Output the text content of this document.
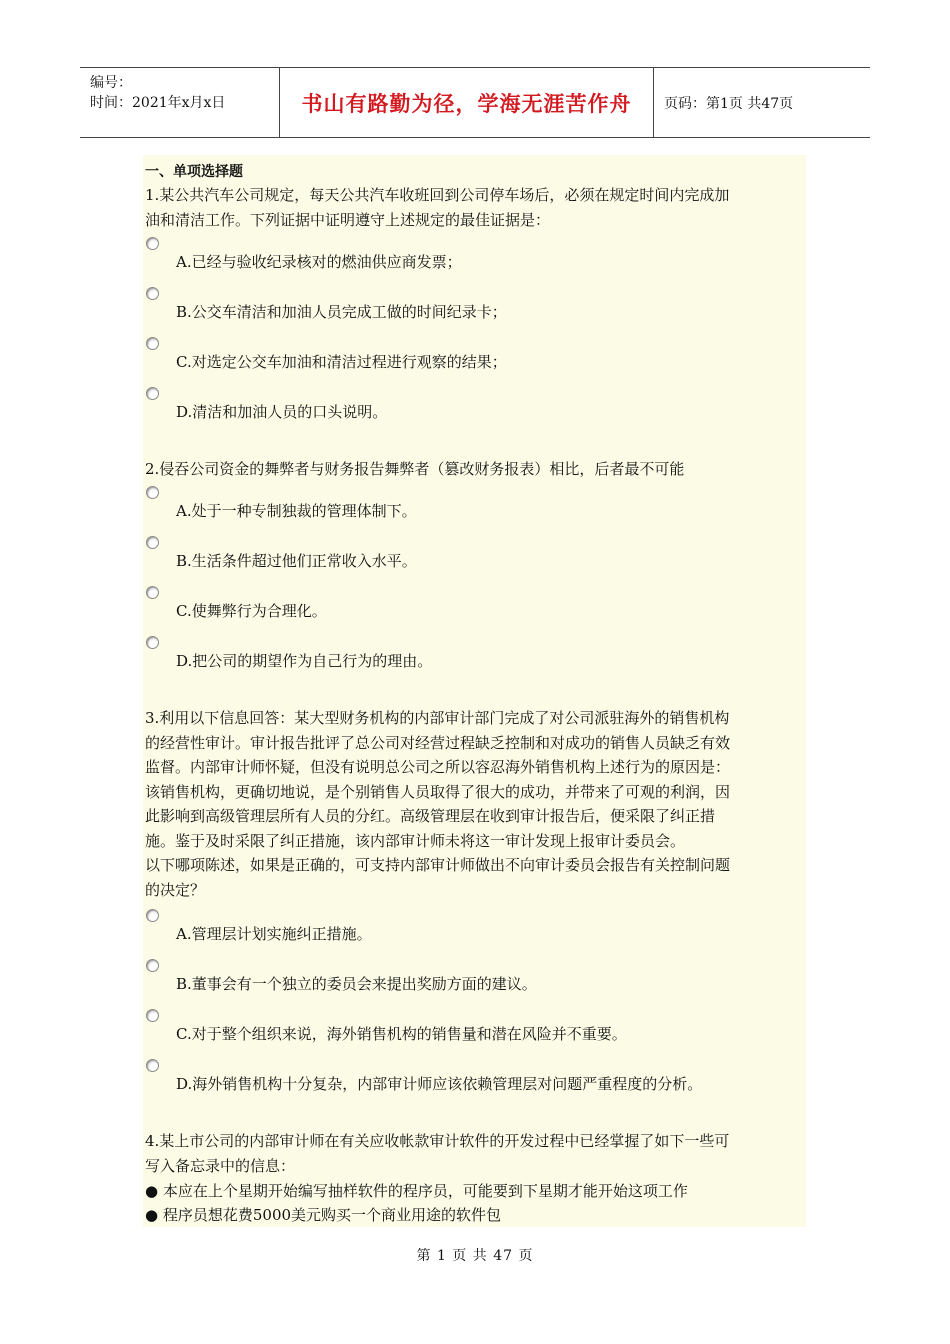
编号：
时间：2021年x月x日	书山有路勤为径，学海无涯苦作舟 页码：第1页 共47页
一、单项选择题
1.某公共汽车公司规定，每天公共汽车收班回到公司停车场后，必须在规定时间内完成加
油和清洁工作。下列证据中证明遵守上述规定的最佳证据是：
A.已经与验收纪录核对的燃油供应商发票；
B.公交车清洁和加油人员完成工做的时间纪录卡；
C.对选定公交车加油和清洁过程进行观察的结果；
D.清洁和加油人员的口头说明。
2.侵吞公司资金的舞弊者与财务报告舞弊者（篡改财务报表）相比，后者最不可能
A.处于一种专制独裁的管理体制下。
B.生活条件超过他们正常收入水平。
C.使舞弊行为合理化。
D.把公司的期望作为自己行为的理由。
3.利用以下信息回答：某大型财务机构的内部审计部门完成了对公司派驻海外的销售机构
的经营性审计。审计报告批评了总公司对经营过程缺乏控制和对成功的销售人员缺乏有效
监督。内部审计师怀疑，但没有说明总公司之所以容忍海外销售机构上述行为的原因是：
该销售机构，更确切地说，是个别销售人员取得了很大的成功，并带来了可观的利润，因
此影响到高级管理层所有人员的分红。高级管理层在收到审计报告后，便采限了纠正措
施。鉴于及时采限了纠正措施，该内部审计师未将这一审计发现上报审计委员会。
以下哪项陈述，如果是正确的，可支持内部审计师做出不向审计委员会报告有关控制问题
的决定？
A.管理层计划实施纠正措施。
B.董事会有一个独立的委员会来提出奖励方面的建议。
C.对于整个组织来说，海外销售机构的销售量和潜在风险并不重要。
D.海外销售机构十分复杂，内部审计师应该依赖管理层对问题严重程度的分析。
4.某上市公司的内部审计师在有关应收帐款审计软件的开发过程中已经掌握了如下一些可
写入备忘录中的信息：
● 本应在上个星期开始编写抽样软件的程序员，可能要到下星期才能开始这项工作
● 程序员想花费5000美元购买一个商业用途的软件包
第 1 页 共 47 页
